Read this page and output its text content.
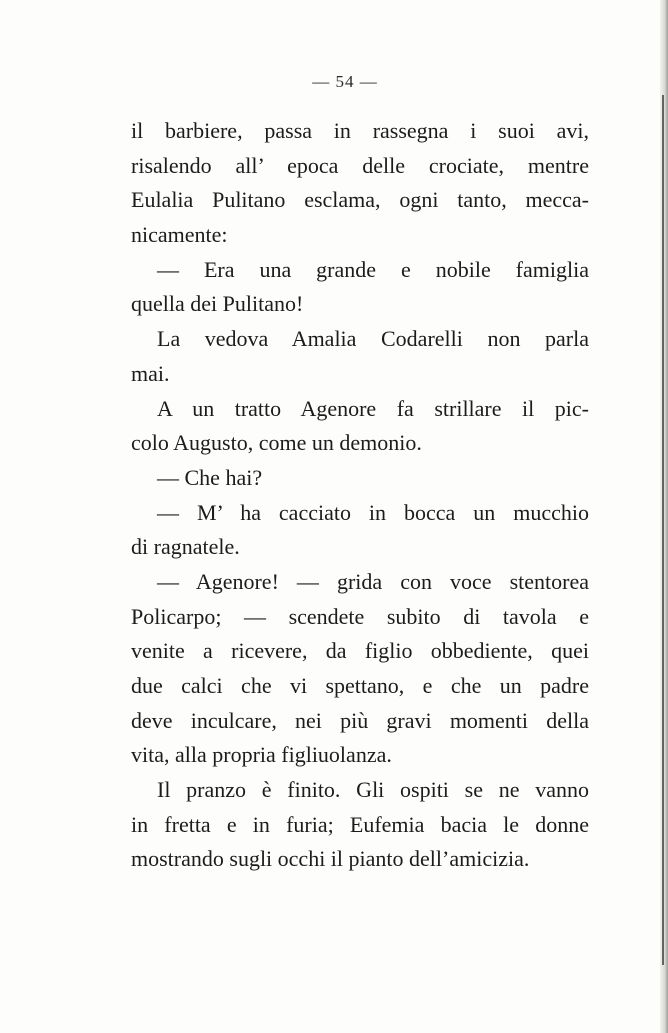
— 54 —
il barbiere, passa in rassegna i suoi avi,
risalendo all’ epoca delle crociate, mentre
Eulalia Pulitano esclama, ogni tanto, mecca-
nicamente:
— Era una grande e nobile famiglia
quella dei Pulitano!
La vedova Amalia Codarelli non parla
mai.
A un tratto Agenore fa strillare il pic-
colo Augusto, come un demonio.
— Che hai?
— M’ ha cacciato in bocca un mucchio
di ragnatele.
— Agenore! — grida con voce stentorea
Policarpo; — scendete subito di tavola e
venite a ricevere, da figlio obbediente, quei
due calci che vi spettano, e che un padre
deve inculcare, nei più gravi momenti della
vita, alla propria figliuolanza.
Il pranzo è finito. Gli ospiti se ne vanno
in fretta e in furia; Eufemia bacia le donne
mostrando sugli occhi il pianto dell’amicizia.
